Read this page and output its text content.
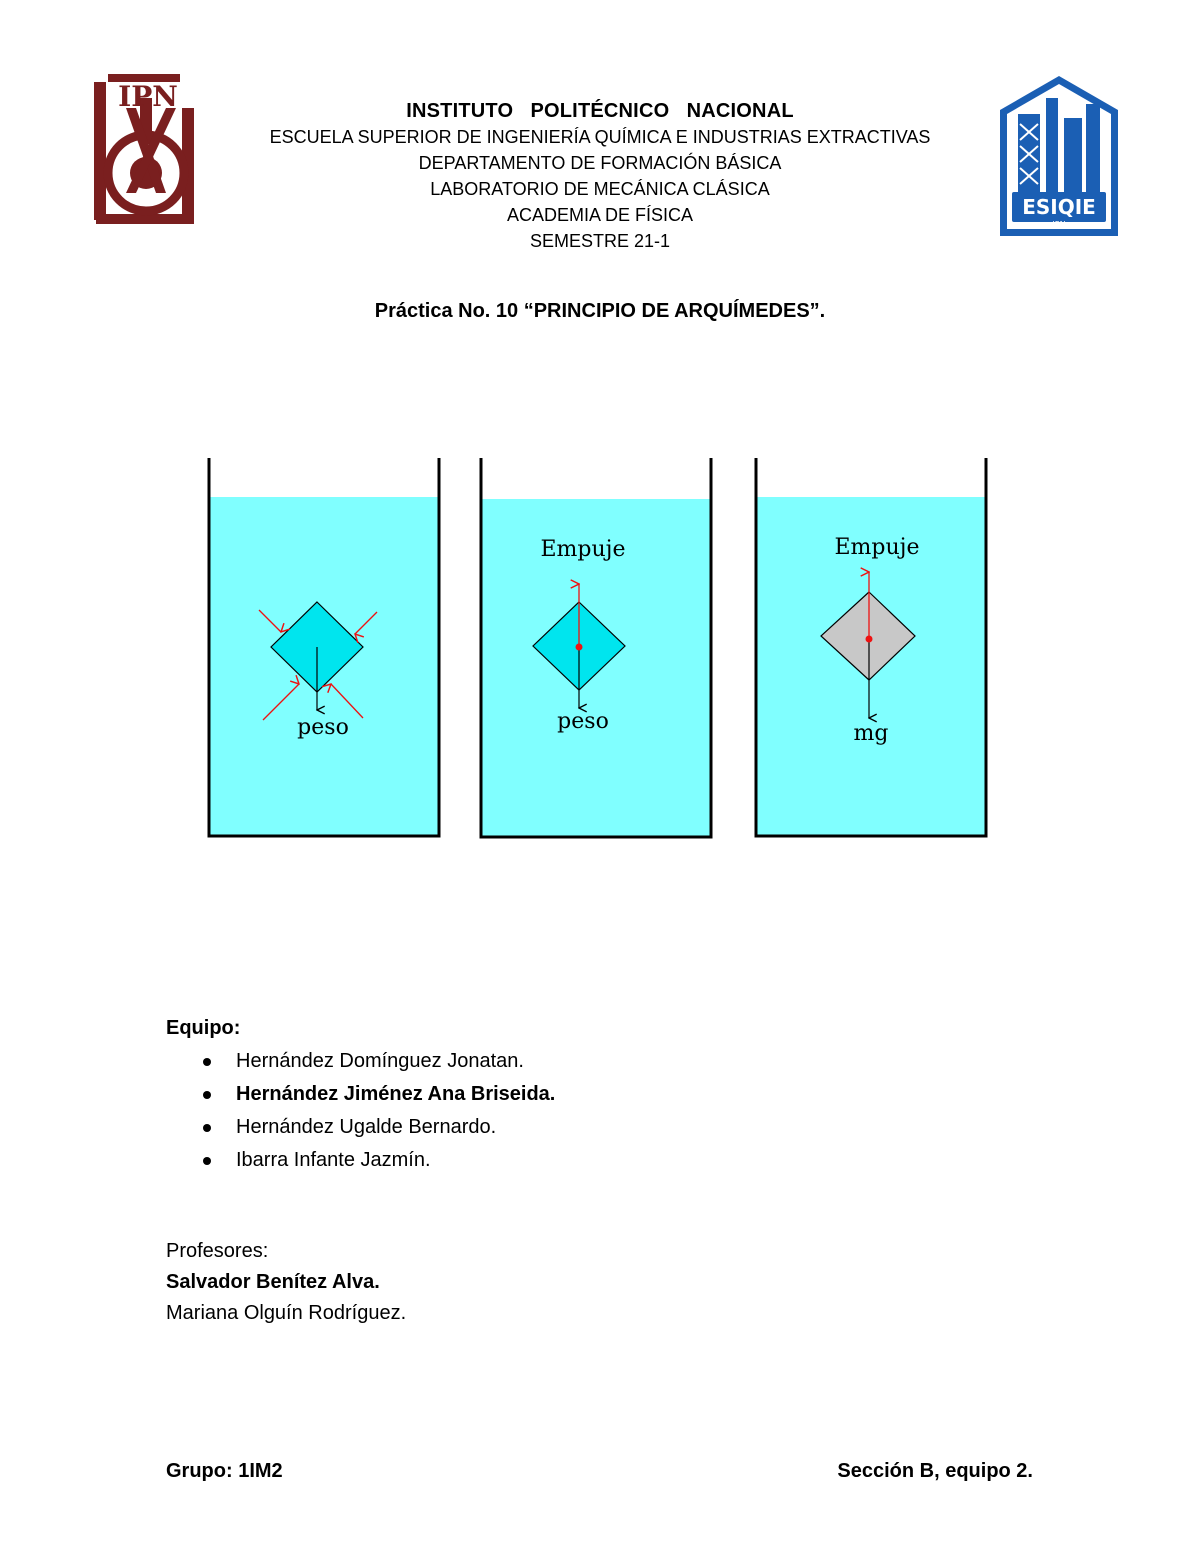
IPN
ESIQIE
IPN
INSTITUTO   POLITÉCNICO   NACIONAL
ESCUELA SUPERIOR DE INGENIERÍA QUÍMICA E INDUSTRIAS EXTRACTIVAS
DEPARTAMENTO DE FORMACIÓN BÁSICA
LABORATORIO DE MECÁNICA CLÁSICA
ACADEMIA DE FÍSICA
SEMESTRE 21-1
Práctica No. 10 “PRINCIPIO DE ARQUÍMEDES”.
peso
Empuje
peso
Empuje
mg
Equipo:
Hernández Domínguez Jonatan.
Hernández Jiménez Ana Briseida.
Hernández Ugalde Bernardo.
Ibarra Infante Jazmín.
Profesores:
Salvador Benítez Alva.
Mariana Olguín Rodríguez.
Grupo: 1IM2	Sección B, equipo 2.
